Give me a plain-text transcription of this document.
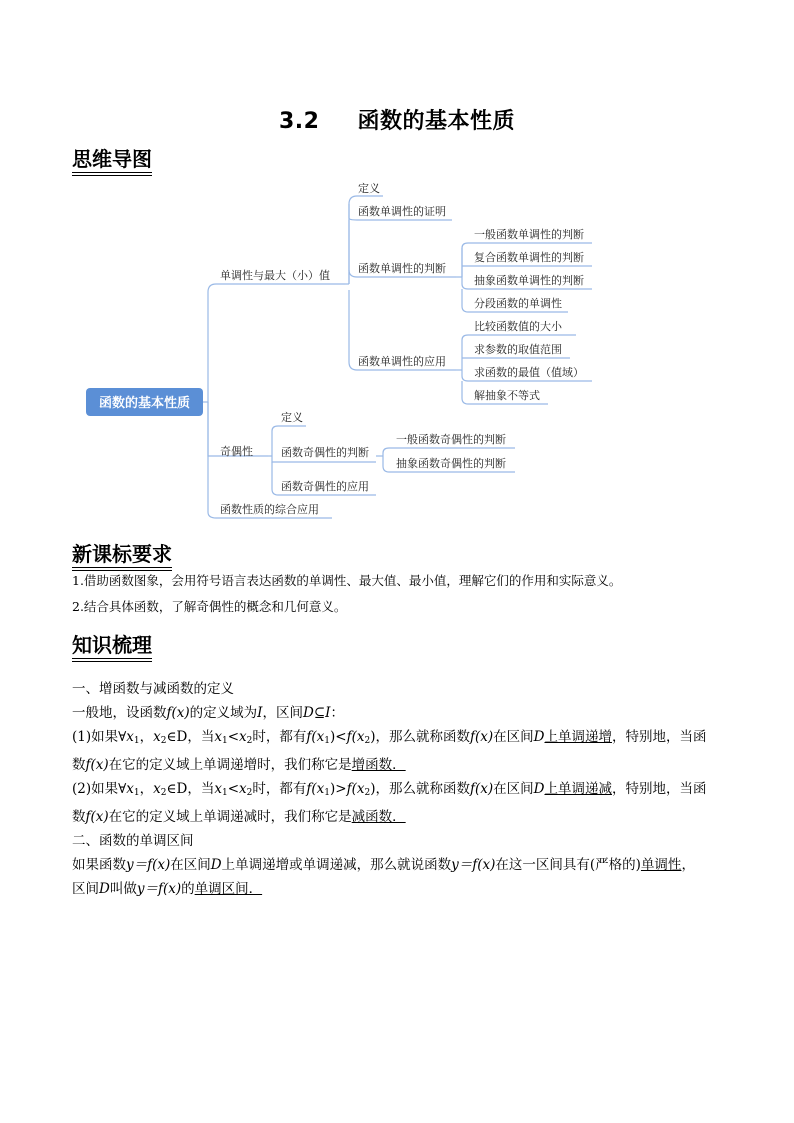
3.2 函数的基本性质
思维导图
函数的基本性质
单调性与最大（小）值
定义
函数单调性的证明
函数单调性的判断
一般函数单调性的判断
复合函数单调性的判断
抽象函数单调性的判断
分段函数的单调性
函数单调性的应用
比较函数值的大小
求参数的取值范围
求函数的最值（值域）
解抽象不等式
奇偶性
定义
函数奇偶性的判断
一般函数奇偶性的判断
抽象函数奇偶性的判断
函数奇偶性的应用
函数性质的综合应用
新课标要求
1.借助函数图象，会用符号语言表达函数的单调性、最大值、最小值，理解它们的作用和实际意义。
2.结合具体函数，了解奇偶性的概念和几何意义。
知识梳理

一、增函数与减函数的定义

一般地，设函数f(x)的定义域为I，区间D⊆I：

(1)如果$\forall x_1$，$x_2\in D$，当$x_1<x_2$时，都有$f(x_1)<f(x_2)$，那么就称函数f(x)在区间D上单调递增，特别地，当函
数f(x)在它的定义域上单调递增时，我们称它是增函数．

(2)如果$\forall x_1$，$x_2\in D$，当$x_1<x_2$时，都有$f(x_1)>f(x_2)$，那么就称函数f(x)在区间D上单调递减，特别地，当函
数f(x)在它的定义域上单调递减时，我们称它是减函数．

二、函数的单调区间

如果函数y＝f(x)在区间D上单调递增或单调递减，那么就说函数y＝f(x)在这一区间具有(严格的)单调性，
区间D叫做y＝f(x)的单调区间．
